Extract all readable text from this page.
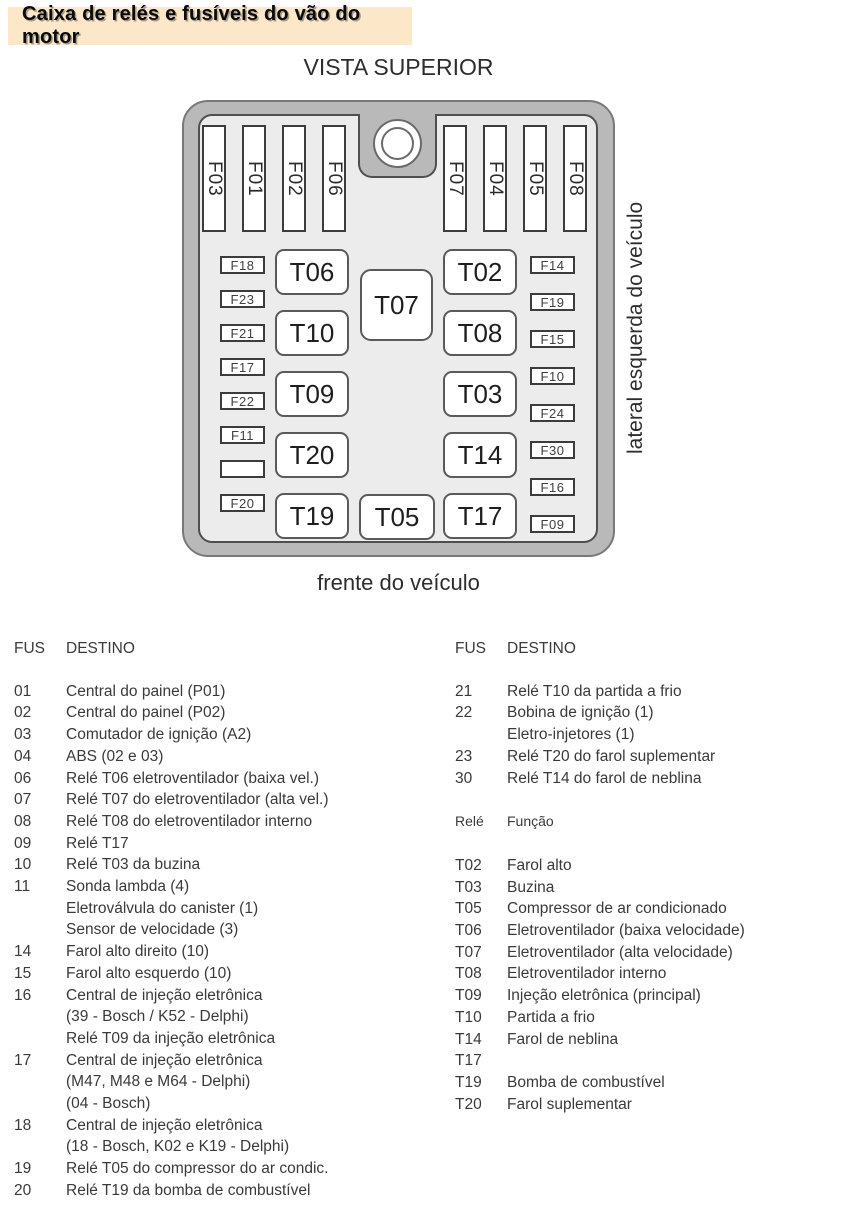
Caixa de relés e fusíveis do vão do motor
VISTA SUPERIOR
F03 F01 F02 F06	F07 F04 F05 F08
F18
F23
F21
F17
F22
F11
F20
F14
F19
F15
F10
F24
F30
F16
F09
T06
T10
T09
T20
T19
T02
T08
T03
T14
T17
T07
T05
lateral esquerda do veículo
frente do veículo
FUS	DESTINO
01	Central do painel (P01)
02	Central do painel (P02)
03	Comutador de ignição (A2)
04	ABS (02 e 03)
06	Relé T06 eletroventilador (baixa vel.)
07	Relé T07 do eletroventilador (alta vel.)
08	Relé T08 do eletroventilador interno
09	Relé T17
10	Relé T03 da buzina
11	Sonda lambda (4)
Eletroválvula do canister (1)
Sensor de velocidade (3)
14	Farol alto direito (10)
15	Farol alto esquerdo (10)
16	Central de injeção eletrônica
(39 - Bosch / K52 - Delphi)
Relé T09 da injeção eletrônica
17	Central de injeção eletrônica
(M47, M48 e M64 - Delphi)
(04 - Bosch)
18	Central de injeção eletrônica
(18 - Bosch, K02 e K19 - Delphi)
19	Relé T05 do compressor do ar condic.
20	Relé T19 da bomba de combustível
FUS	DESTINO
21	Relé T10 da partida a frio
22	Bobina de ignição (1)
Eletro-injetores (1)
23	Relé T20 do farol suplementar
30	Relé T14 do farol de neblina
Relé	Função
T02	Farol alto
T03	Buzina
T05	Compressor de ar condicionado
T06	Eletroventilador (baixa velocidade)
T07	Eletroventilador (alta velocidade)
T08	Eletroventilador interno
T09	Injeção eletrônica (principal)
T10	Partida a frio
T14	Farol de neblina
T17
T19	Bomba de combustível
T20	Farol suplementar
